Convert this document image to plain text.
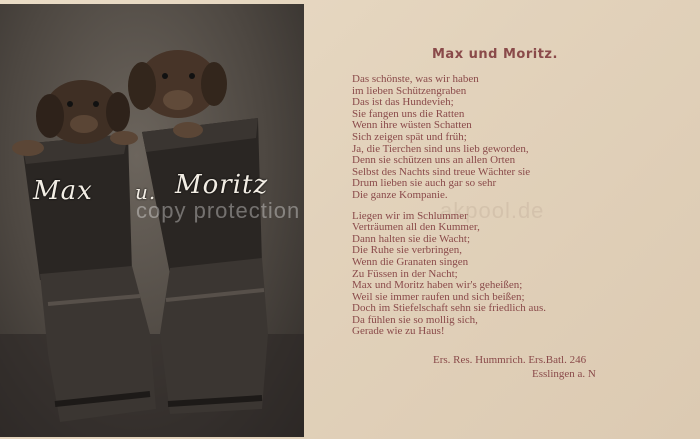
Max u. Moritz
copy protection	akpool.de
Max und Moritz.
Das schönste, was wir haben
im lieben Schützengraben
Das ist das Hundevieh;
Sie fangen uns die Ratten
Wenn ihre wüsten Schatten
Sich zeigen spät und früh;
Ja, die Tierchen sind uns lieb geworden,
Denn sie schützen uns an allen Orten
Selbst des Nachts sind treue Wächter sie
Drum lieben sie auch gar so sehr
Die ganze Kompanie.
Liegen wir im Schlummer
Verträumen all den Kummer,
Dann halten sie die Wacht;
Die Ruhe sie verbringen,
Wenn die Granaten singen
Zu Füssen in der Nacht;
Max und Moritz haben wir's geheißen;
Weil sie immer raufen und sich beißen;
Doch im Stiefelschaft sehn sie friedlich aus.
Da fühlen sie so mollig sich,
Gerade wie zu Haus!
Ers. Res. Hummrich. Ers.Batl. 246
Esslingen a. N
